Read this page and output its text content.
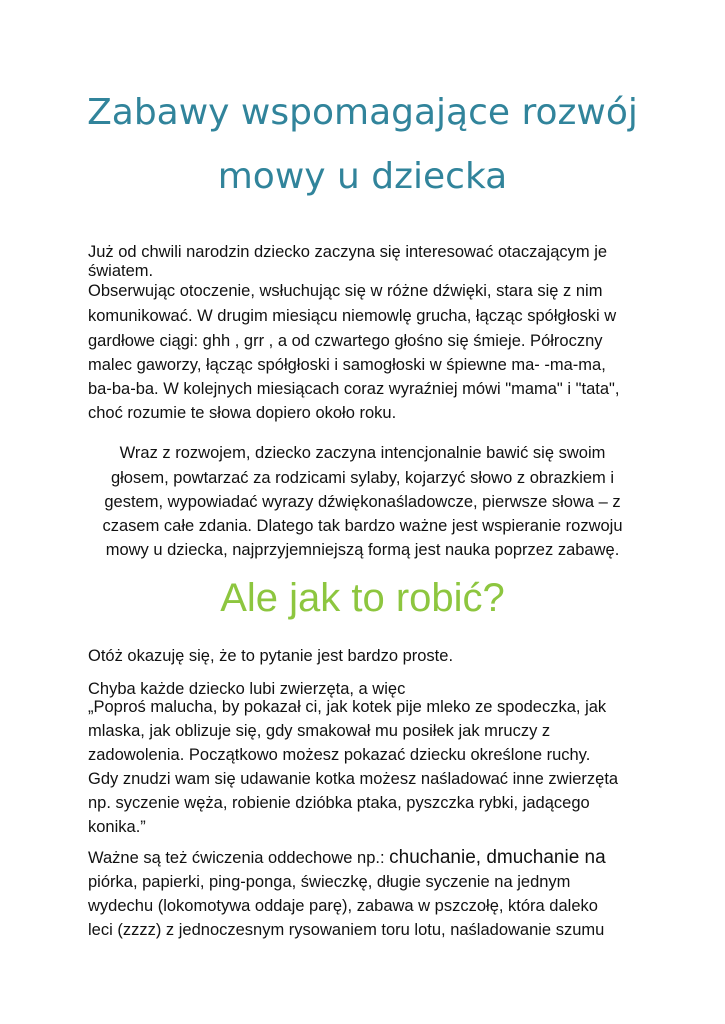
Zabawy wspomagające rozwój
mowy u dziecka
Już od chwili narodzin dziecko zaczyna się interesować otaczającym je
światem.
Obserwując otoczenie, wsłuchując się w różne dźwięki, stara się z nim
komunikować. W drugim miesiącu niemowlę grucha, łącząc spółgłoski w
gardłowe ciągi: ghh , grr , a od czwartego głośno się śmieje. Półroczny
malec gaworzy, łącząc spółgłoski i samogłoski w śpiewne ma- -ma-ma,
ba-ba-ba. W kolejnych miesiącach coraz wyraźniej mówi "mama" i "tata",
choć rozumie te słowa dopiero około roku.
Wraz z rozwojem, dziecko zaczyna intencjonalnie bawić się swoim
głosem, powtarzać za rodzicami sylaby, kojarzyć słowo z obrazkiem i
gestem, wypowiadać wyrazy dźwiękonaśladowcze, pierwsze słowa – z
czasem całe zdania. Dlatego tak bardzo ważne jest wspieranie rozwoju
mowy u dziecka, najprzyjemniejszą formą jest nauka poprzez zabawę.
Ale jak to robić?
Otóż okazuję się, że to pytanie jest bardzo proste.
Chyba każde dziecko lubi zwierzęta, a więc
„Poproś malucha, by pokazał ci, jak kotek pije mleko ze spodeczka, jak
mlaska, jak oblizuje się, gdy smakował mu posiłek jak mruczy z
zadowolenia. Początkowo możesz pokazać dziecku określone ruchy.
Gdy znudzi wam się udawanie kotka możesz naśladować inne zwierzęta
np. syczenie węża, robienie dzióbka ptaka, pyszczka rybki, jadącego
konika.”
Ważne są też ćwiczenia oddechowe np.: chuchanie, dmuchanie na
piórka, papierki, ping-ponga, świeczkę, długie syczenie na jednym
wydechu (lokomotywa oddaje parę), zabawa w pszczołę, która daleko
leci (zzzz) z jednoczesnym rysowaniem toru lotu, naśladowanie szumu
